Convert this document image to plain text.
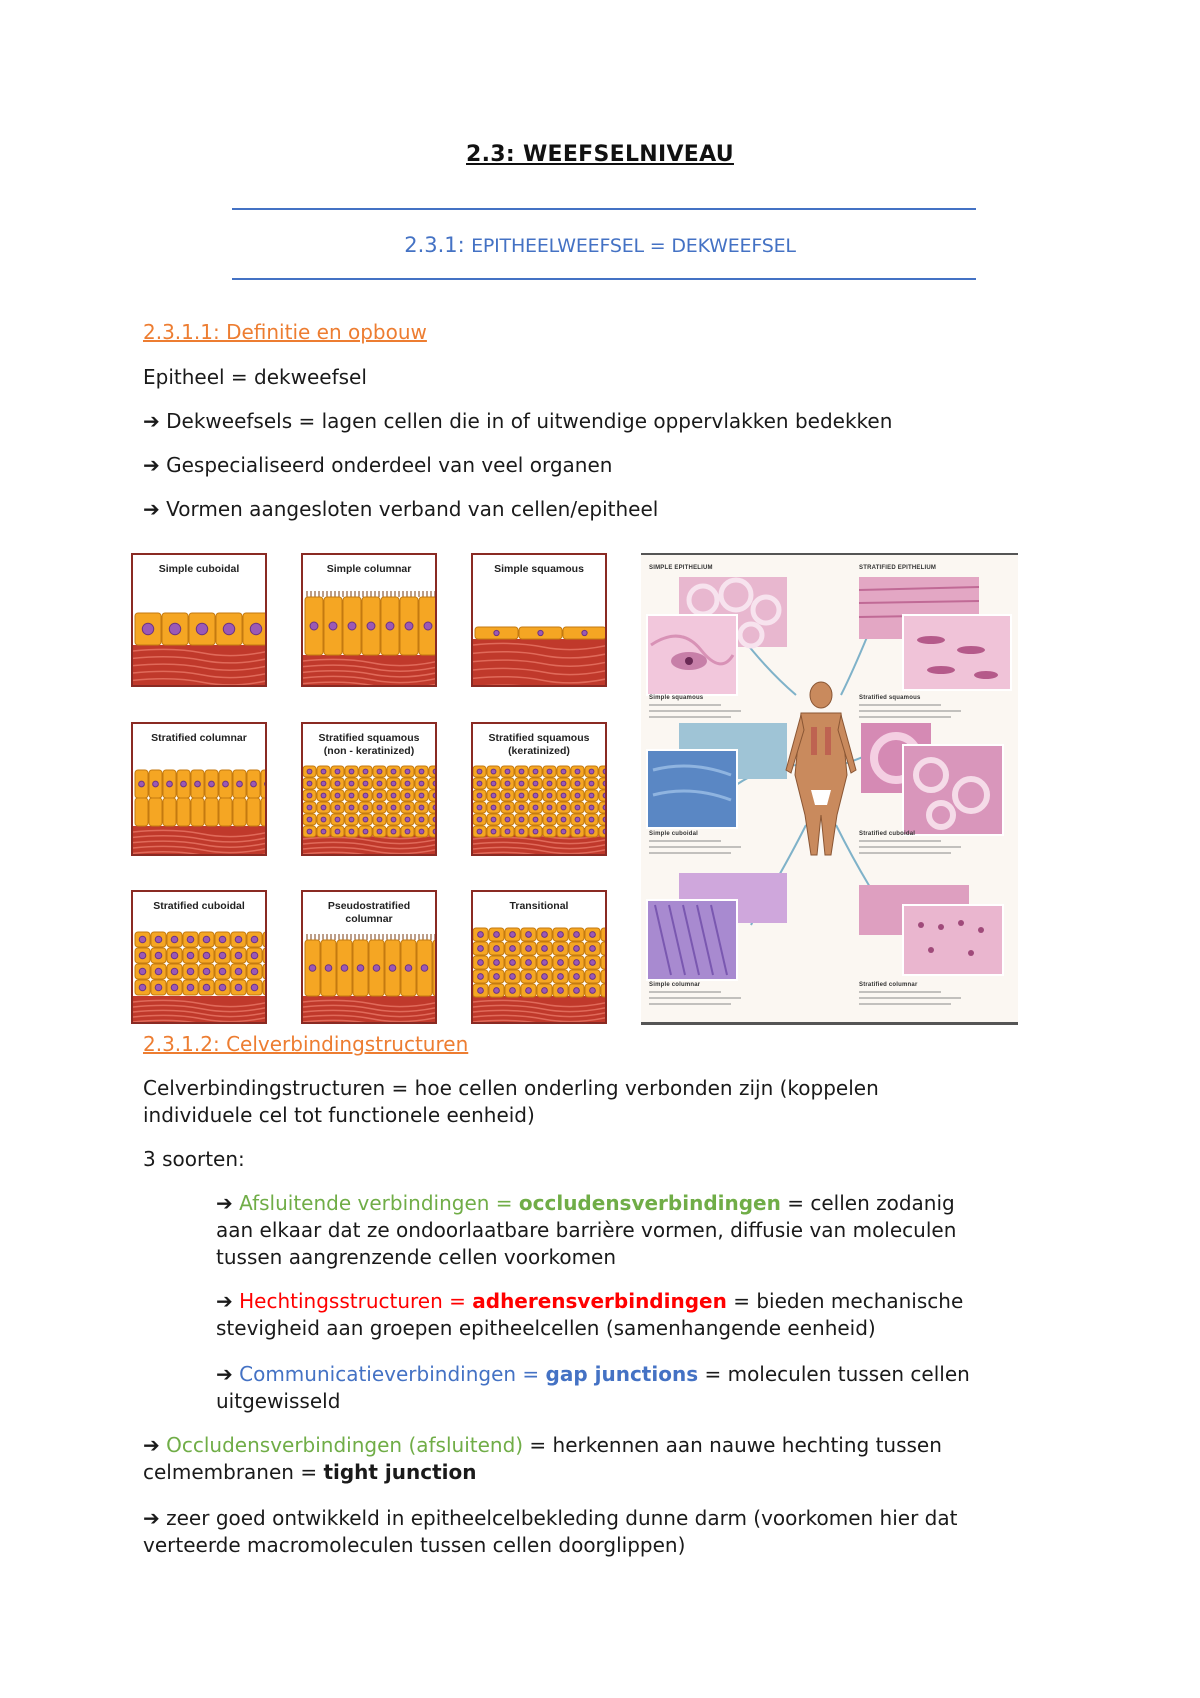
2.3: WEEFSELNIVEAU
2.3.1: EPITHEELWEEFSEL = DEKWEEFSEL
2.3.1.1: Definitie en opbouw
Epitheel = dekweefsel
➔ Dekweefsels = lagen cellen die in of uitwendige oppervlakken bedekken
➔ Gespecialiseerd onderdeel van veel organen
➔ Vormen aangesloten verband van cellen/epitheel
Simple cuboidal	Simple columnar	Simple squamous
Stratified columnar	Stratified squamous
(non - keratinized)
Stratified squamous
(keratinized)
Stratified cuboidal	Pseudostratified
columnar
Transitional
SIMPLE EPITHELIUM	STRATIFIED EPITHELIUM
Simple squamous
Simple cuboidal
Simple columnar
Stratified squamous
Stratified cuboidal
Stratified columnar
2.3.1.2: Celverbindingstructuren
Celverbindingstructuren = hoe cellen onderling verbonden zijn (koppelen
individuele cel tot functionele eenheid)
3 soorten:
➔ Afsluitende verbindingen = occludensverbindingen = cellen zodanig
aan elkaar dat ze ondoorlaatbare barrière vormen, diffusie van moleculen
tussen aangrenzende cellen voorkomen
➔ Hechtingsstructuren = adherensverbindingen = bieden mechanische
stevigheid aan groepen epitheelcellen (samenhangende eenheid)
➔ Communicatieverbindingen = gap junctions = moleculen tussen cellen
uitgewisseld
➔ Occludensverbindingen (afsluitend) = herkennen aan nauwe hechting tussen
celmembranen = tight junction
➔ zeer goed ontwikkeld in epitheelcelbekleding dunne darm (voorkomen hier dat
verteerde macromoleculen tussen cellen doorglippen)
